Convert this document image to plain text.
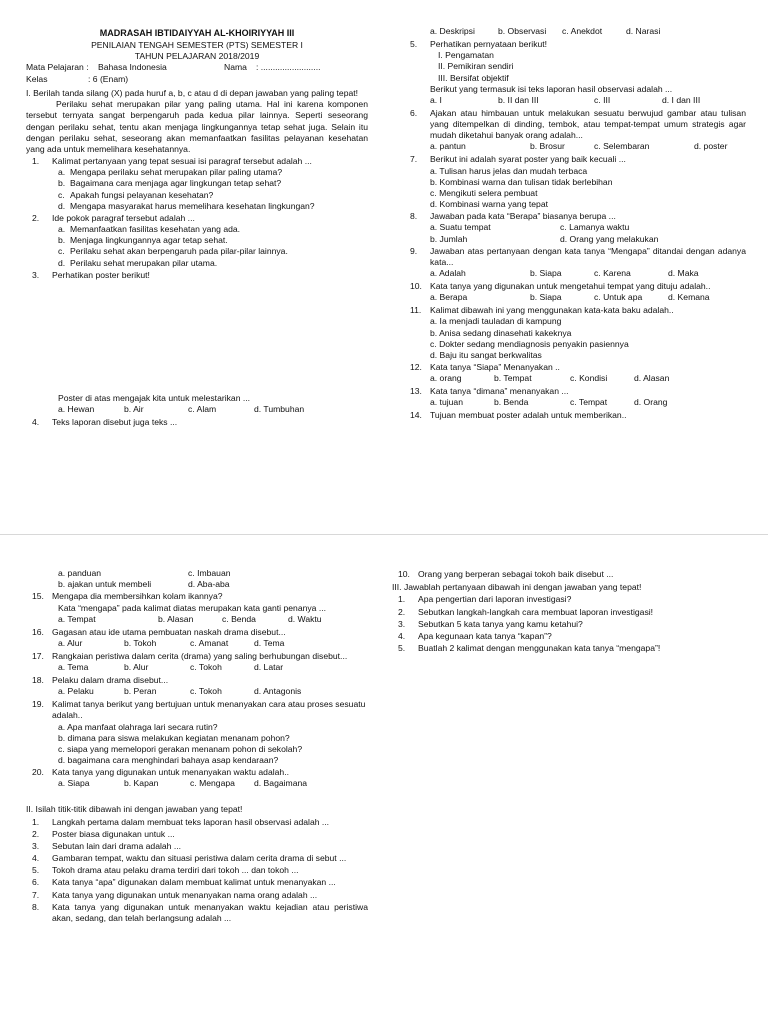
MADRASAH IBTIDAIYYAH AL-KHOIRIYYAH III
PENILAIAN TENGAH SEMESTER (PTS) SEMESTER I
TAHUN PELAJARAN 2018/2019
Mata Pelajaran : Bahasa Indonesia	Nama : .........................
Kelas	: 6 (Enam)
I. Berilah tanda silang (X) pada huruf a, b, c atau d di depan jawaban yang paling tepat!
Perilaku sehat merupakan pilar yang paling utama. Hal ini karena komponen tersebut ternyata sangat berpengaruh pada kedua pilar lainnya. Seperti seseorang dengan perilaku sehat, tentu akan menjaga lingkungannya tetap sehat juga. Selain itu dengan perilaku sehat, seseorang akan memanfaatkan fasilitas pelayanan kesehatan yang ada untuk memelihara kesehatannya.
1. Kalimat pertanyaan yang tepat sesuai isi paragraf tersebut adalah ...
a. Mengapa perilaku sehat merupakan pilar paling utama?
b. Bagaimana cara menjaga agar lingkungan tetap sehat?
c. Apakah fungsi pelayanan kesehatan?
d. Mengapa masyarakat harus memelihara kesehatan lingkungan?
2. Ide pokok paragraf tersebut adalah ...
a. Memanfaatkan fasilitas kesehatan yang ada.
b. Menjaga lingkungannya agar tetap sehat.
c. Perilaku sehat akan berpengaruh pada pilar-pilar lainnya.
d. Perilaku sehat merupakan pilar utama.
3. Perhatikan poster berikut!
Poster di atas mengajak kita untuk melestarikan ...
a. Hewan	b. Air	c. Alam	d. Tumbuhan
4. Teks laporan disebut juga teks ...
a. Deskripsi	b. Observasi c. Anekdot	d. Narasi
5. Perhatikan pernyataan berikut!
I. Pengamatan
II. Pemikiran sendiri
III. Bersifat objektif
Berikut yang termasuk isi teks laporan hasil observasi adalah ...
a. I	b. II dan III	c. III	d. I dan III
6. Ajakan atau himbauan untuk melakukan sesuatu berwujud gambar atau tulisan yang ditempelkan di dinding, tembok, atau tempat-tempat umum strategis agar mudah diketahui banyak orang adalah...
a. pantun	b. Brosur	c. Selembaran	d. poster
7. Berikut ini adalah syarat poster yang baik kecuali ...
a. Tulisan harus jelas dan mudah terbaca
b. Kombinasi warna dan tulisan tidak berlebihan
c. Mengikuti selera pembuat
d. Kombinasi warna yang tepat
8. Jawaban pada kata “Berapa” biasanya berupa ...
a. Suatu tempat	c. Lamanya waktu
b. Jumlah	d. Orang yang melakukan
9. Jawaban atas pertanyaan dengan kata tanya “Mengapa” ditandai dengan adanya kata...
a. Adalah	b. Siapa	c. Karena	d. Maka
10. Kata tanya yang digunakan untuk mengetahui tempat yang dituju adalah..
a. Berapa	b. Siapa	c. Untuk apa	d. Kemana
11. Kalimat dibawah ini yang menggunakan kata-kata baku adalah..
a. Ia menjadi tauladan di kampung
b. Anisa sedang dinasehati kakeknya
c. Dokter sedang mendiagnosis penyakin pasiennya
d. Baju itu sangat berkwalitas
12. Kata tanya “Siapa” Menanyakan ..
a. orang	b. Tempat	c. Kondisi	d. Alasan
13. Kata tanya “dimana” menanyakan ...
a. tujuan	b. Benda	c. Tempat	d. Orang
14. Tujuan membuat poster adalah untuk memberikan..
a. panduan	c. Imbauan
b. ajakan untuk membeli	d. Aba-aba
15. Mengapa dia membersihkan kolam ikannya?
Kata “mengapa” pada kalimat diatas merupakan kata ganti penanya ...
a. Tempat	b. Alasan	c. Benda	d. Waktu
16. Gagasan atau ide utama pembuatan naskah drama disebut...
a. Alur	b. Tokoh	c. Amanat	d. Tema
17. Rangkaian peristiwa dalam cerita (drama) yang saling berhubungan disebut...
a. Tema	b. Alur	c. Tokoh	d. Latar
18. Pelaku dalam drama disebut...
a. Pelaku	b. Peran	c. Tokoh	d. Antagonis
19. Kalimat tanya berikut yang bertujuan untuk menanyakan cara atau proses sesuatu adalah..
a. Apa manfaat olahraga lari secara rutin?
b. dimana para siswa melakukan kegiatan menanam pohon?
c. siapa yang memelopori gerakan menanam pohon di sekolah?
d. bagaimana cara menghindari bahaya asap kendaraan?
20. Kata tanya yang digunakan untuk menanyakan waktu adalah..
a. Siapa	b. Kapan	c. Mengapa d. Bagaimana
II. Isilah titik-titik dibawah ini dengan jawaban yang tepat!
1. Langkah pertama dalam membuat teks laporan hasil observasi adalah ...
2. Poster biasa digunakan untuk ...
3. Sebutan lain dari drama adalah ...
4. Gambaran tempat, waktu dan situasi peristiwa dalam cerita drama di sebut ...
5. Tokoh drama atau pelaku drama terdiri dari tokoh ... dan tokoh ...
6. Kata tanya “apa” digunakan dalam membuat kalimat untuk menanyakan ...
7. Kata tanya yang digunakan untuk menanyakan nama orang adalah ...
8. Kata tanya yang digunakan untuk menanyakan waktu kejadian atau peristiwa akan, sedang, dan telah berlangsung adalah ...
10. Orang yang berperan sebagai tokoh baik disebut ...
III. Jawablah pertanyaan dibawah ini dengan jawaban yang tepat!
1. Apa pengertian dari laporan investigasi?
2. Sebutkan langkah-langkah cara membuat laporan investigasi!
3. Sebutkan 5 kata tanya yang kamu ketahui?
4. Apa kegunaan kata tanya “kapan”?
5. Buatlah 2 kalimat dengan menggunakan kata tanya “mengapa”!
